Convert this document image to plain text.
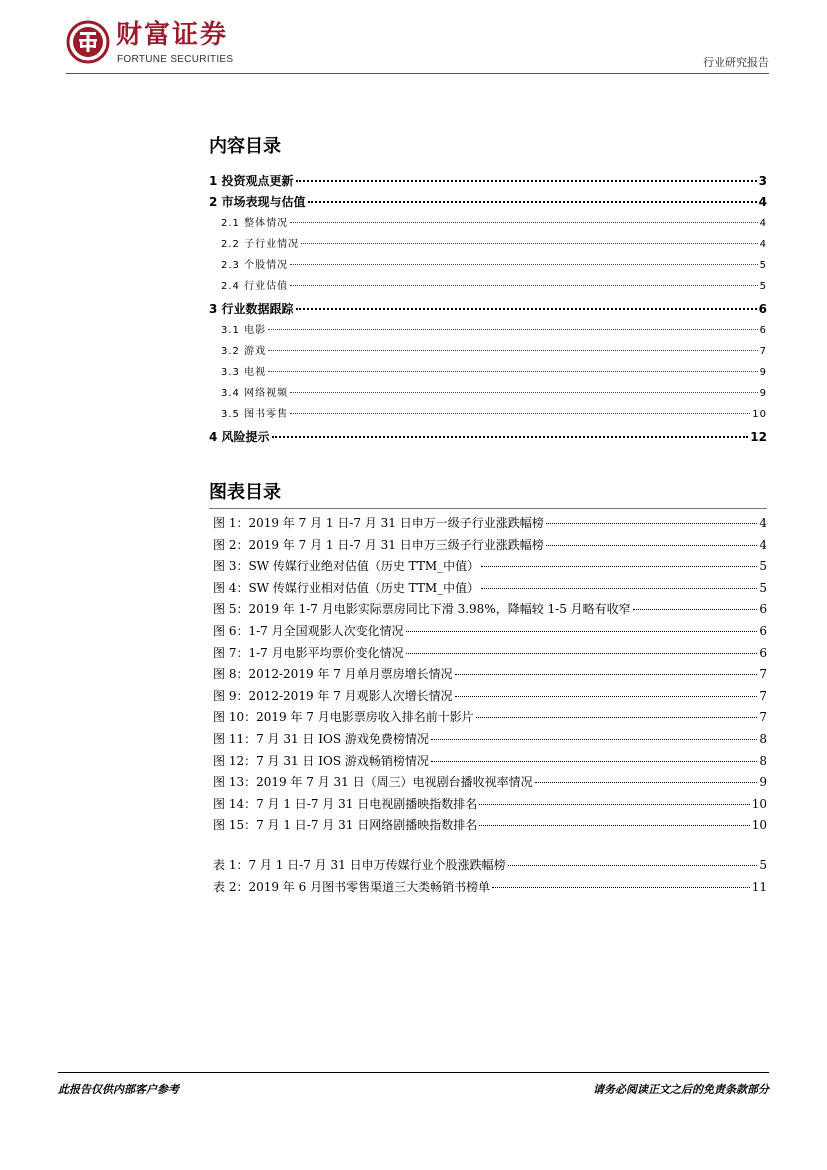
财富证券
FORTUNE SECURITIES	行业研究报告
内容目录
1 投资观点更新	3
2 市场表现与估值	4
2.1 整体情况	4
2.2 子行业情况	4
2.3 个股情况	5
2.4 行业估值	5
3 行业数据跟踪	6
3.1 电影	6
3.2 游戏	7
3.3 电视	9
3.4 网络视频	9
3.5 图书零售	10
4 风险提示	12
图表目录
图 1：2019 年 7 月 1 日-7 月 31 日申万一级子行业涨跌幅榜	4
图 2：2019 年 7 月 1 日-7 月 31 日申万三级子行业涨跌幅榜	4
图 3：SW 传媒行业绝对估值（历史 TTM_中值）	5
图 4：SW 传媒行业相对估值（历史 TTM_中值）	5
图 5：2019 年 1-7 月电影实际票房同比下滑 3.98%，降幅较 1-5 月略有收窄	6
图 6：1-7 月全国观影人次变化情况	6
图 7：1-7 月电影平均票价变化情况	6
图 8：2012-2019 年 7 月单月票房增长情况	7
图 9：2012-2019 年 7 月观影人次增长情况	7
图 10：2019 年 7 月电影票房收入排名前十影片	7
图 11：7 月 31 日 IOS 游戏免费榜情况	8
图 12：7 月 31 日 IOS 游戏畅销榜情况	8
图 13：2019 年 7 月 31 日（周三）电视剧台播收视率情况	9
图 14：7 月 1 日-7 月 31 日电视剧播映指数排名	10
图 15：7 月 1 日-7 月 31 日网络剧播映指数排名	10
表 1：7 月 1 日-7 月 31 日申万传媒行业个股涨跌幅榜	5
表 2：2019 年 6 月图书零售渠道三大类畅销书榜单	11
此报告仅供内部客户参考	请务必阅读正文之后的免责条款部分
